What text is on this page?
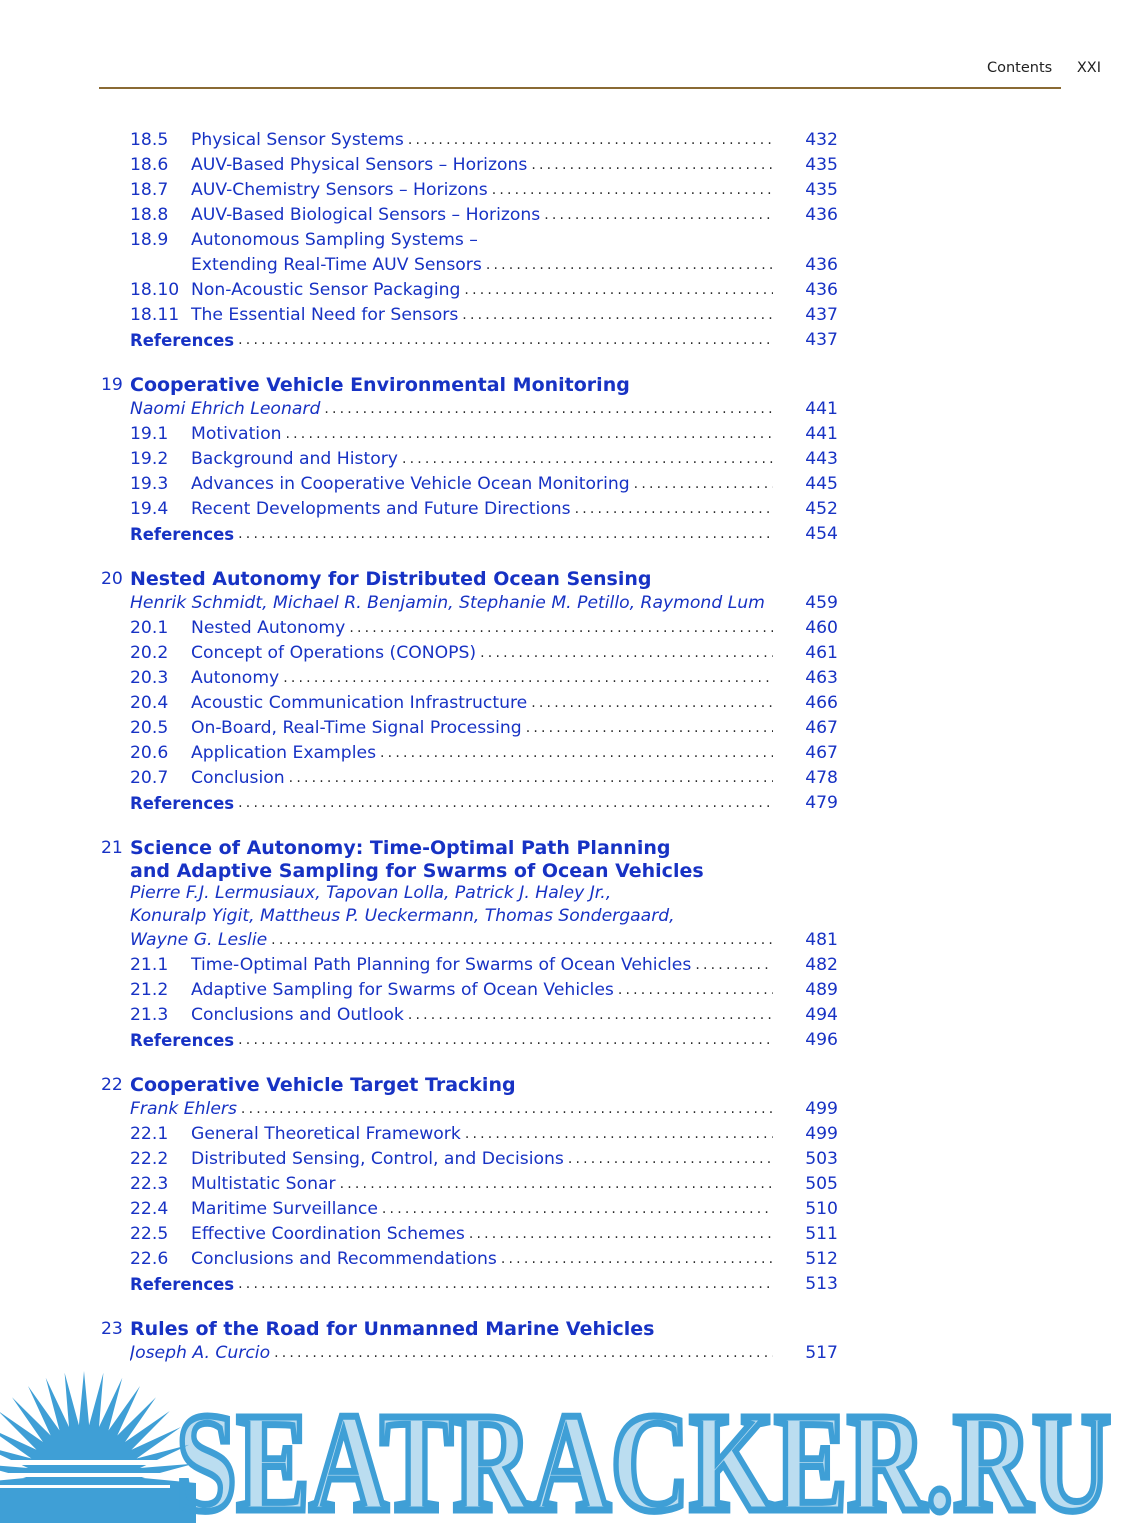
Contents XXI
18.5	Physical Sensor Systems .....	432
18.6	AUV-Based Physical Sensors – Horizons .....	435
18.7	AUV-Chemistry Sensors – Horizons .....	435
18.8	AUV-Based Biological Sensors – Horizons .....	436
18.9	Autonomous Sampling Systems –
Extending Real-Time AUV Sensors .....	436
18.10 Non-Acoustic Sensor Packaging .....	436
18.11 The Essential Need for Sensors .....	437
References .....	437
19 Cooperative Vehicle Environmental Monitoring
Naomi Ehrich Leonard .....	441
19.1	Motivation .....	441
19.2	Background and History .....	443
19.3	Advances in Cooperative Vehicle Ocean Monitoring .....	445
19.4	Recent Developments and Future Directions .....	452
References .....	454
20 Nested Autonomy for Distributed Ocean Sensing
Henrik Schmidt, Michael R. Benjamin, Stephanie M. Petillo, Raymond Lum	459
20.1	Nested Autonomy .....	460
20.2	Concept of Operations (CONOPS) .....	461
20.3	Autonomy .....	463
20.4	Acoustic Communication Infrastructure .....	466
20.5	On-Board, Real-Time Signal Processing .....	467
20.6	Application Examples .....	467
20.7	Conclusion .....	478
References .....	479
21 Science of Autonomy: Time-Optimal Path Planning
and Adaptive Sampling for Swarms of Ocean Vehicles
Pierre F.J. Lermusiaux, Tapovan Lolla, Patrick J. Haley Jr.,
Konuralp Yigit, Mattheus P. Ueckermann, Thomas Sondergaard,
Wayne G. Leslie .....	481
21.1	Time-Optimal Path Planning for Swarms of Ocean Vehicles .....	482
21.2	Adaptive Sampling for Swarms of Ocean Vehicles .....	489
21.3	Conclusions and Outlook .....	494
References .....	496
22 Cooperative Vehicle Target Tracking
Frank Ehlers .....	499
22.1	General Theoretical Framework .....	499
22.2	Distributed Sensing, Control, and Decisions .....	503
22.3	Multistatic Sonar .....	505
22.4	Maritime Surveillance .....	510
22.5	Effective Coordination Schemes .....	511
22.6	Conclusions and Recommendations .....	512
References .....	513
23 Rules of the Road for Unmanned Marine Vehicles
Joseph A. Curcio .....	517
SEATRACKER.RU
SEATRACKER.RU
